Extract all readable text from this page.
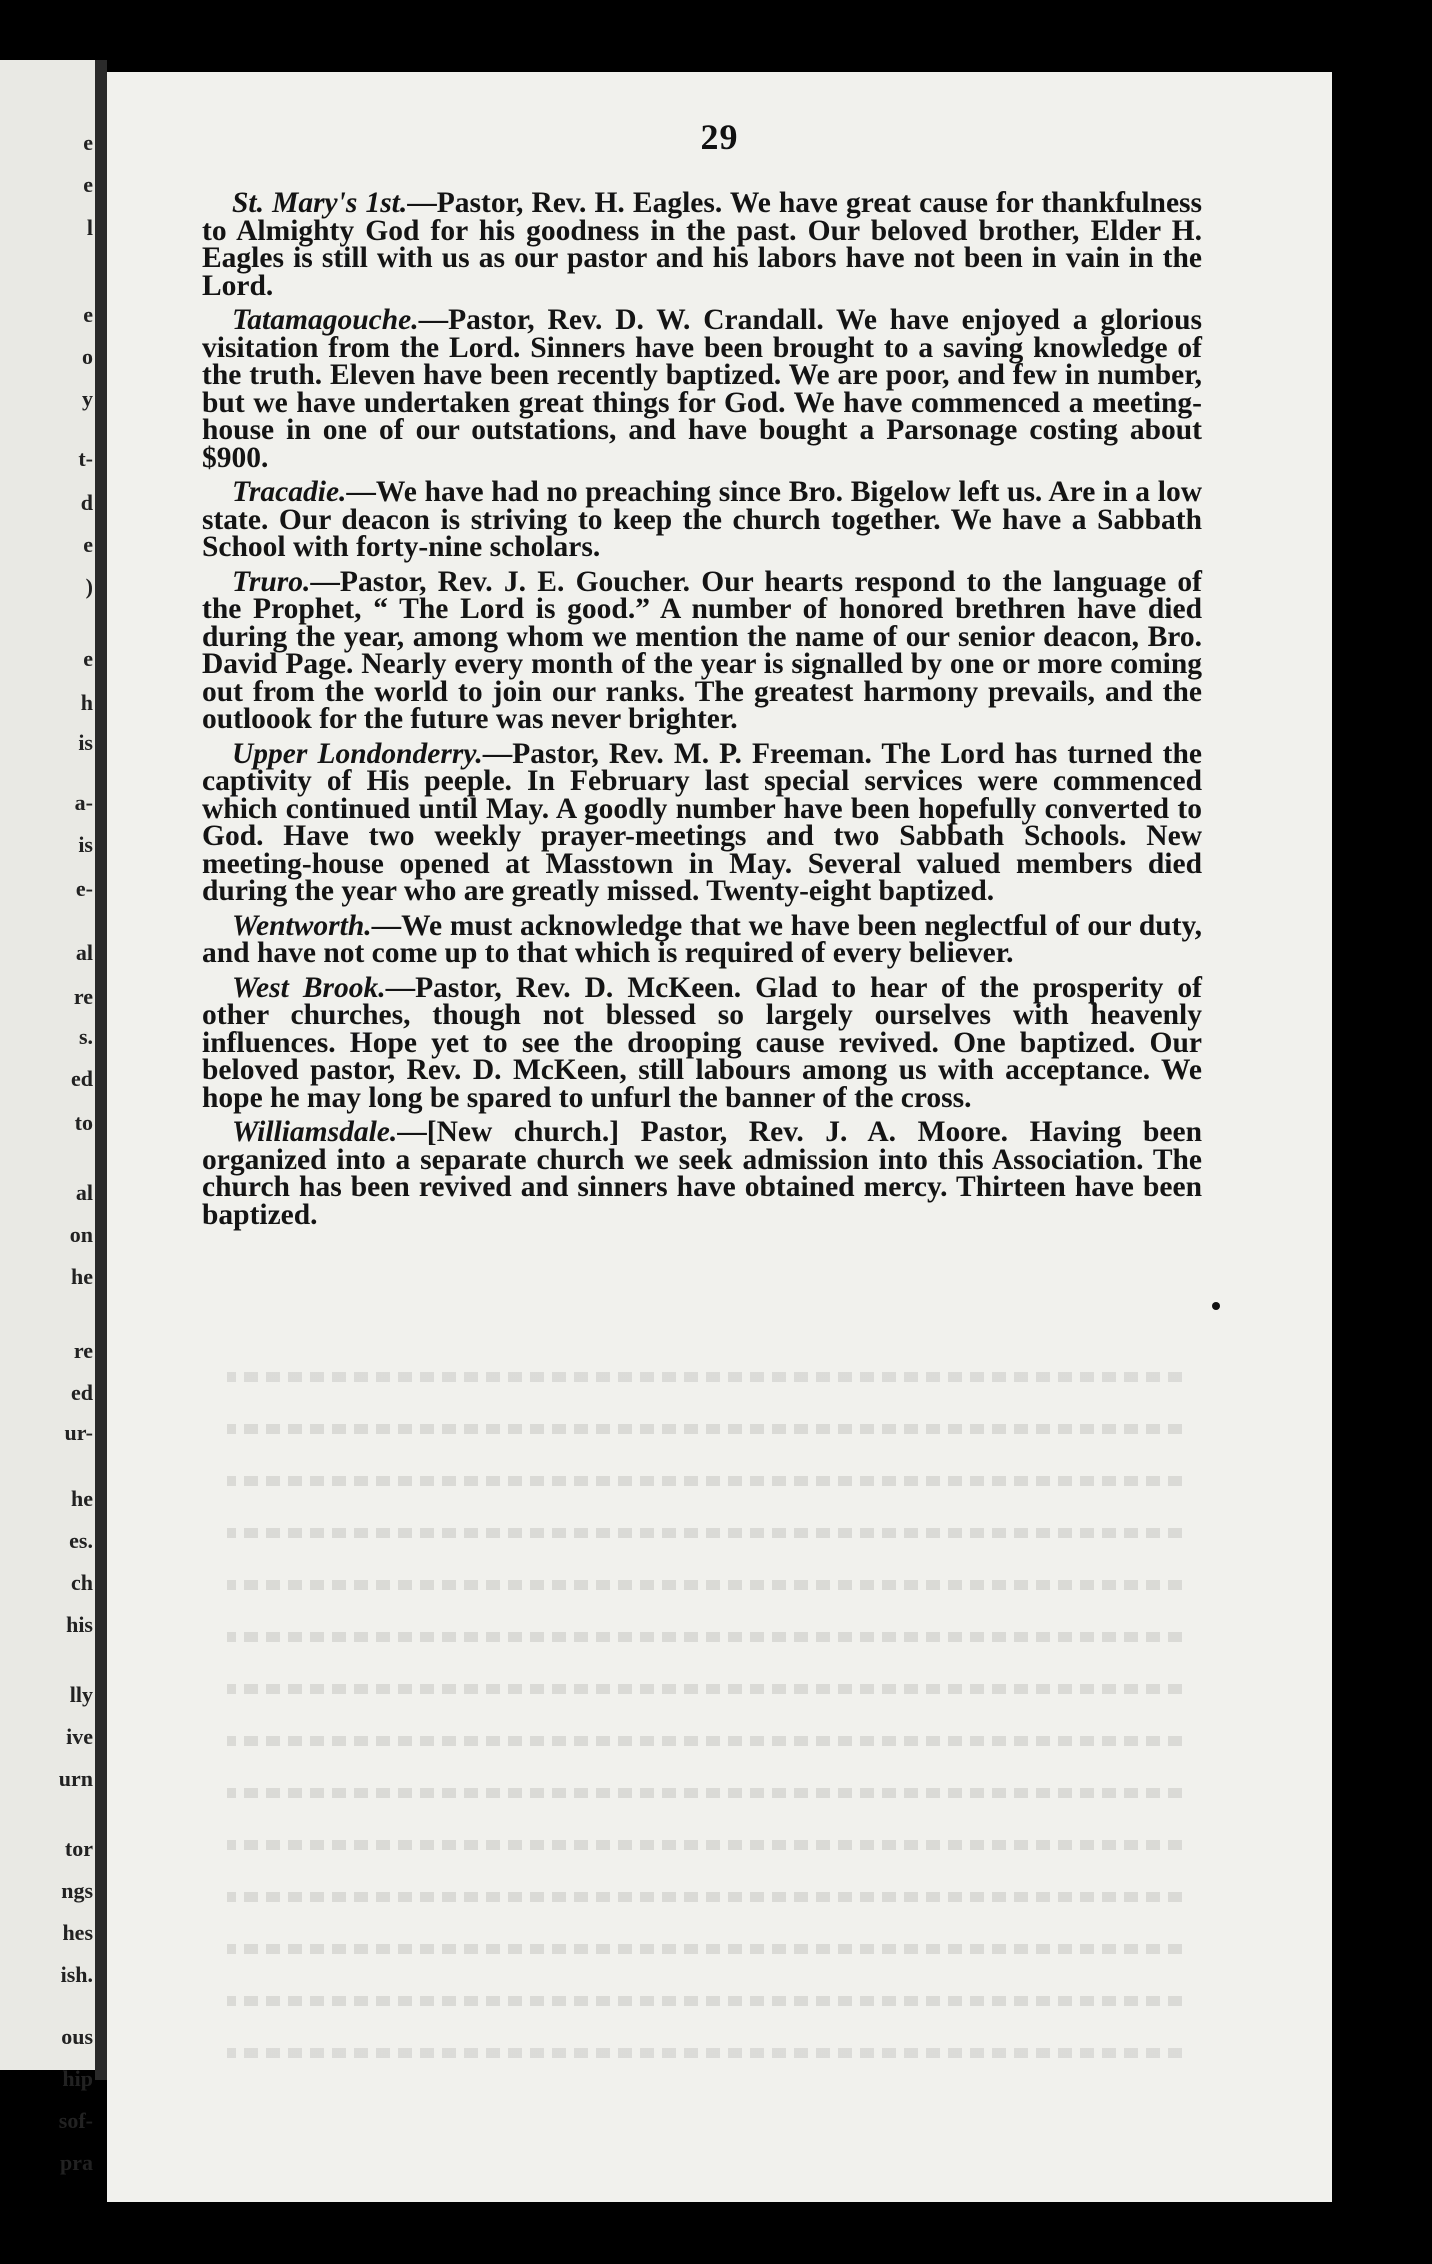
e
e
l
e
o
y
t-
d
e
)
e
h
is
a-
is
e-
al
re
s.
ed
to
al
on
he
re
ed
ur-
he
es.
ch
his
lly
ive
urn
tor
ngs
hes
ish.
ous
hip
sof-
pra
29

St. Mary's 1st.—Pastor, Rev. H. Eagles. We have great cause for thankfulness to Almighty God for his goodness in the past. Our beloved brother, Elder H. Eagles is still with us as our pastor and his labors have not been in vain in the Lord.

Tatamagouche.—Pastor, Rev. D. W. Crandall. We have enjoyed a glorious visitation from the Lord. Sinners have been brought to a saving knowledge of the truth. Eleven have been recently baptized. We are poor, and few in number, but we have undertaken great things for God. We have commenced a meeting-house in one of our outstations, and have bought a Parsonage costing about $900.

Tracadie.—We have had no preaching since Bro. Bigelow left us. Are in a low state. Our deacon is striving to keep the church together. We have a Sabbath School with forty-nine scholars.

Truro.—Pastor, Rev. J. E. Goucher. Our hearts respond to the language of the Prophet, “ The Lord is good.” A number of honored brethren have died during the year, among whom we mention the name of our senior deacon, Bro. David Page. Nearly every month of the year is signalled by one or more coming out from the world to join our ranks. The greatest harmony prevails, and the outloook for the future was never brighter.

Upper Londonderry.—Pastor, Rev. M. P. Freeman. The Lord has turned the captivity of His peeple. In February last special services were commenced which continued until May. A goodly number have been hopefully converted to God. Have two weekly prayer-meetings and two Sabbath Schools. New meeting-house opened at Masstown in May. Several valued members died during the year who are greatly missed. Twenty-eight baptized.

Wentworth.—We must acknowledge that we have been neglectful of our duty, and have not come up to that which is required of every believer.

West Brook.—Pastor, Rev. D. McKeen. Glad to hear of the prosperity of other churches, though not blessed so largely ourselves with heavenly influences. Hope yet to see the drooping cause revived. One baptized. Our beloved pastor, Rev. D. McKeen, still labours among us with acceptance. We hope he may long be spared to unfurl the banner of the cross.

Williamsdale.—[New church.] Pastor, Rev. J. A. Moore. Having been organized into a separate church we seek admission into this Association. The church has been revived and sinners have obtained mercy. Thirteen have been baptized.
